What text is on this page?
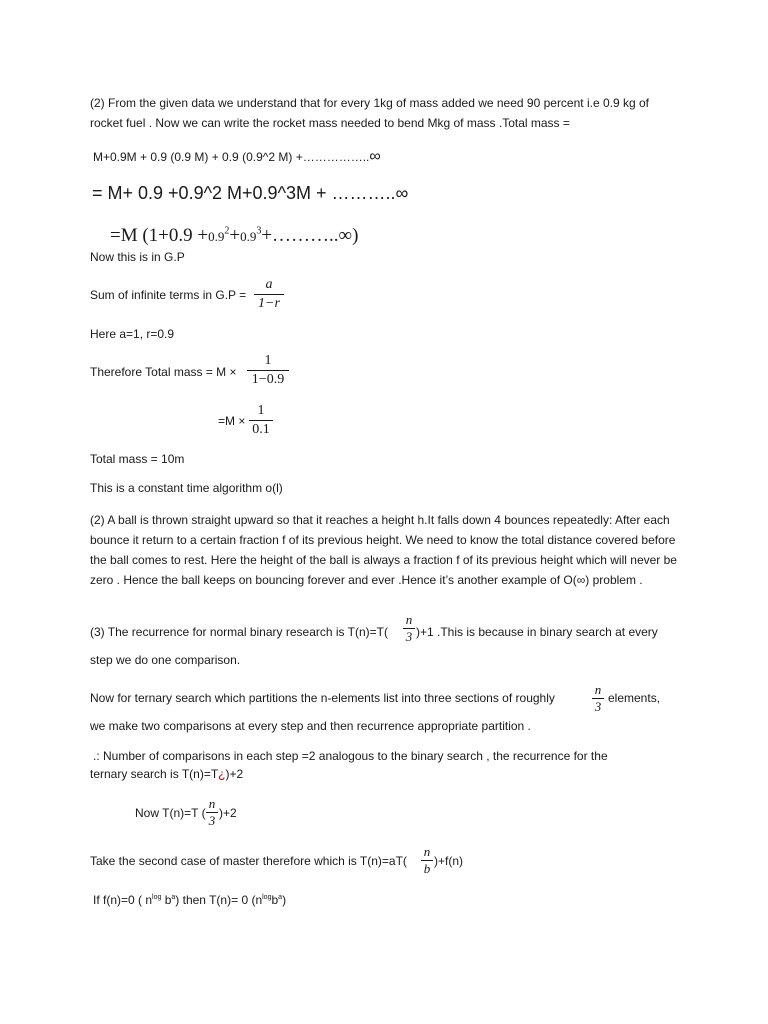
(2) From the given data we understand that for every 1kg of mass added we need 90 percent i.e 0.9 kg of rocket fuel . Now we can write the rocket mass needed to bend Mkg of mass .Total mass =
M+0.9M + 0.9 (0.9 M) + 0.9 (0.9^2 M) +……………..∞
= M+ 0.9 +0.9^2 M+0.9^3M + ………..∞
=M $(1+0.9 +0.9^2+0.9^3+\dots\dots\dots..\infty)$
Now this is in G.P
Sum of infinite terms in G.P =
a
1−r
Here a=1, r=0.9
Therefore Total mass = M ×
1
1−0.9
=M ×
1
0.1
Total mass = 10m
This is a constant time algorithm o(l)
(2) A ball is thrown straight upward so that it reaches a height h.It falls down 4 bounces repeatedly: After each bounce it return to a certain fraction f of its previous height. We need to know the total distance covered before the ball comes to rest. Here the height of the ball is always a fraction f of its previous height which will never be zero . Hence the ball keeps on bouncing forever and ever .Hence it’s another example of O(∞) problem .
(3) The recurrence for normal binary research is T(n)=T(
n
3 )+1 .This is because in binary search at every
step we do one comparison.
Now for ternary search which partitions the n-elements list into three sections of roughly
n
3
elements,
we make two comparisons at every step and then recurrence appropriate partition .
.: Number of comparisons in each step =2 analogous to the binary search , the recurrence for the
ternary search is T(n)=T¿)+2
Now T(n)=T (
n
3 )+2
Take the second case of master therefore which is T(n)=aT(
n
b )+f(n)
If f(n)=0 ( $n^{log}$ $b^a$) then T(n)= 0 $(n^{log}b^a)$
